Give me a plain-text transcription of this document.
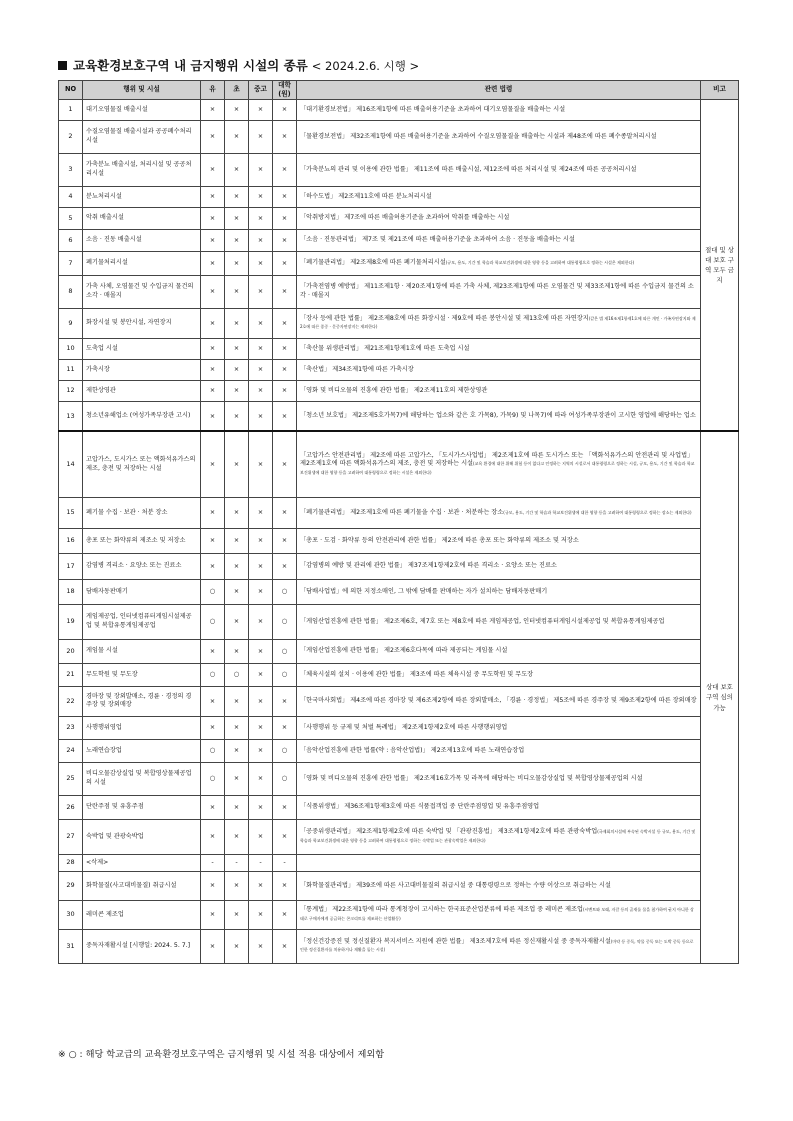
교육환경보호구역 내 금지행위 시설의 종류 < 2024.2.6. 시행 >
NO	행위 및 시설	유	초	중고	대학(원)	관련 법령	비고
1	대기오염물질 배출시설	×	×	×	×	「대기환경보전법」 제16조제1항에 따른 배출허용기준을 초과하여 대기오염물질을 배출하는 시설	절대 및 상대 보호 구역 모두 금지
2	수질오염물질 배출시설과 공공폐수처리시설	×	×	×	×	「물환경보전법」 제32조제1항에 따른 배출허용기준을 초과하여 수질오염물질을 배출하는 시설과 제48조에 따른 폐수종말처리시설	
3	가축분뇨 배출시설, 처리시설 및 공공처리시설	×	×	×	×	「가축분뇨의 관리 및 이용에 관한 법률」 제11조에 따른 배출시설, 제12조에 따른 처리시설 및 제24조에 따른 공공처리시설	
4	분뇨처리시설	×	×	×	×	「하수도법」 제2조제11호에 따른 분뇨처리시설	
5	악취 배출시설	×	×	×	×	「악취방지법」 제7조에 따른 배출허용기준을 초과하여 악취를 배출하는 시설	
6	소음 · 진동 배출시설	×	×	×	×	「소음 · 진동관리법」 제7조 및 제21조에 따른 배출허용기준을 초과하여 소음 · 진동을 배출하는 시설	
7	폐기물처리시설	×	×	×	×	「폐기물관리법」 제2조제8호에 따른 폐기물처리시설(규모, 용도, 기간 및 학습과 학교보건위생에 대한 영향 등을 고려하여 대통령령으로 정하는 시설은 제외한다)	
8	가축 사체, 오염물건 및 수입금지 물건의 소각 · 매몰지	×	×	×	×	「가축전염병 예방법」 제11조제1항 · 제20조제1항에 따른 가축 사체, 제23조제1항에 따른 오염물건 및 제33조제1항에 따른 수입금지 물건의 소각 · 매몰지	
9	화장시설 및 봉안시설, 자연장지	×	×	×	×	「장사 등에 관한 법률」 제2조제8호에 따른 화장시설 · 제9호에 따른 봉안시설 및 제13호에 따른 자연장지(같은 법 제16조제1항제1호에 따른 개인 · 가족자연장지와 제2호에 따른 종중 · 문중자연장지는 제외한다)	
10	도축업 시설	×	×	×	×	「축산물 위생관리법」 제21조제1항제1호에 따른 도축업 시설	
11	가축시장	×	×	×	×	「축산법」 제34조제1항에 따른 가축시장	
12	제한상영관	×	×	×	×	「영화 및 비디오물의 진흥에 관한 법률」 제2조제11호의 제한상영관	
13	청소년유해업소 (여성가족부장관 고시)	×	×	×	×	「청소년 보호법」 제2조제5호가목7)에 해당하는 업소와 같은 호 가목8), 가목9) 및 나목7)에 따라 여성가족부장관이 고시한 영업에 해당하는 업소	
14	고압가스, 도시가스 또는 액화석유가스의 제조, 충전 및 저장하는 시설	×	×	×	×	「고압가스 안전관리법」 제2조에 따른 고압가스, 「도시가스사업법」 제2조제1호에 따른 도시가스 또는 「액화석유가스의 안전관리 및 사업법」 제2조제1호에 따른 액화석유가스의 제조, 충전 및 저장하는 시설(교육 환경에 대한 위해 위험 등이 없다고 인정하는 지역의 시설로서 대통령령으로 정하는 시설, 규모, 용도, 기간 및 학습과 학교보건위생에 대한 영향 등을 고려하여 대통령령으로 정하는 시설은 제외한다)	상대 보호 구역 심의 가능
15	폐기물 수집 · 보관 · 처분 장소	×	×	×	×	「폐기물관리법」 제2조제1호에 따른 폐기물을 수집 · 보관 · 처분하는 장소(규모, 용도, 기간 및 학습과 학교보건위생에 대한 영향 등을 고려하여 대통령령으로 정하는 장소는 제외한다)	
16	총포 또는 화약류의 제조소 및 저장소	×	×	×	×	「총포 · 도검 · 화약류 등의 안전관리에 관한 법률」 제2조에 따른 총포 또는 화약류의 제조소 및 저장소	
17	감염병 격리소 · 요양소 또는 진료소	×	×	×	×	「감염병의 예방 및 관리에 관한 법률」 제37조제1항제2호에 따른 격리소 · 요양소 또는 진료소	
18	담배자동판매기	○	×	×	○	「담배사업법」에 의한 지정소매인, 그 밖에 담배를 판매하는 자가 설치하는 담배자동판매기	
19	게임제공업, 인터넷컴퓨터게임시설제공업 및 복합유통게임제공업	○	×	×	○	「게임산업진흥에 관한 법률」 제2조제6호, 제7호 또는 제8호에 따른 게임제공업, 인터넷컴퓨터게임시설제공업 및 복합유통게임제공업	
20	게임물 시설	×	×	×	○	「게임산업진흥에 관한 법률」 제2조제6호다목에 따라 제공되는 게임물 시설	
21	무도학원 및 무도장	○	○	×	○	「체육시설의 설치 · 이용에 관한 법률」 제3조에 따른 체육시설 중 무도학원 및 무도장	
22	경마장 및 장외발매소, 경륜 · 경정의 경주장 및 장외매장	×	×	×	×	「한국마사회법」 제4조에 따른 경마장 및 제6조제2항에 따른 장외발매소, 「경륜 · 경정법」 제5조에 따른 경주장 및 제9조제2항에 따른 장외매장	
23	사행행위영업	×	×	×	×	「사행행위 등 규제 및 처벌 특례법」 제2조제1항제2호에 따른 사행행위영업	
24	노래연습장업	○	×	×	○	「음악산업진흥에 관한 법률(약 : 음악산업법)」 제2조제13호에 따른 노래연습장업	
25	비디오물감상실업 및 복합영상물제공업의 시설	○	×	×	○	「영화 및 비디오물의 진흥에 관한 법률」 제2조제16호가목 및 라목에 해당하는 비디오물감상실업 및 복합영상물제공업의 시설	
26	단란주점 및 유흥주점	×	×	×	×	「식품위생법」 제36조제1항제3호에 따른 식품접객업 중 단란주점영업 및 유흥주점영업	
27	숙박업 및 관광숙박업	×	×	×	×	「공중위생관리법」 제2조제1항제2호에 따른 숙박업 및 「관광진흥법」 제3조제1항제2호에 따른 관광숙박업(국제회의시설에 부속된 숙박시설 등 규모, 용도, 기간 및 학습과 학교보건위생에 대한 영향 등을 고려하여 대통령령으로 정하는 숙박업 또는 관광숙박업은 제외한다)	
28	<삭제>	-	-	-	-		
29	화학물질(사고대비물질) 취급시설	×	×	×	×	「화학물질관리법」 제39조에 따른 사고대비물질의 취급시설 중 대통령령으로 정하는 수량 이상으로 취급하는 시설	
30	레미콘 제조업	×	×	×	×	「통계법」 제22조제1항에 따라 통계청장이 고시하는 한국표준산업분류에 따른 제조업 중 레미콘 제조업(시멘트와 모래, 자갈 등의 골재를 물을 첨가하여 굳지 아니한 상태로 구매자에게 공급하는 콘크리트를 제조하는 산업활동)	
31	중독자재활시설 [시행일: 2024. 5. 7.]	×	×	×	×	「정신건강증진 및 정신질환자 복지서비스 지원에 관한 법률」 제3조제7호에 따른 정신재활시설 중 중독자재활시설(마약 등 중독, 약물 중독 또는 도박 중독 등으로 인한 정신질환자를 치유하거나 재활을 돕는 시설)	
※ ○ : 해당 학교급의 교육환경보호구역은 금지행위 및 시설 적용 대상에서 제외함
